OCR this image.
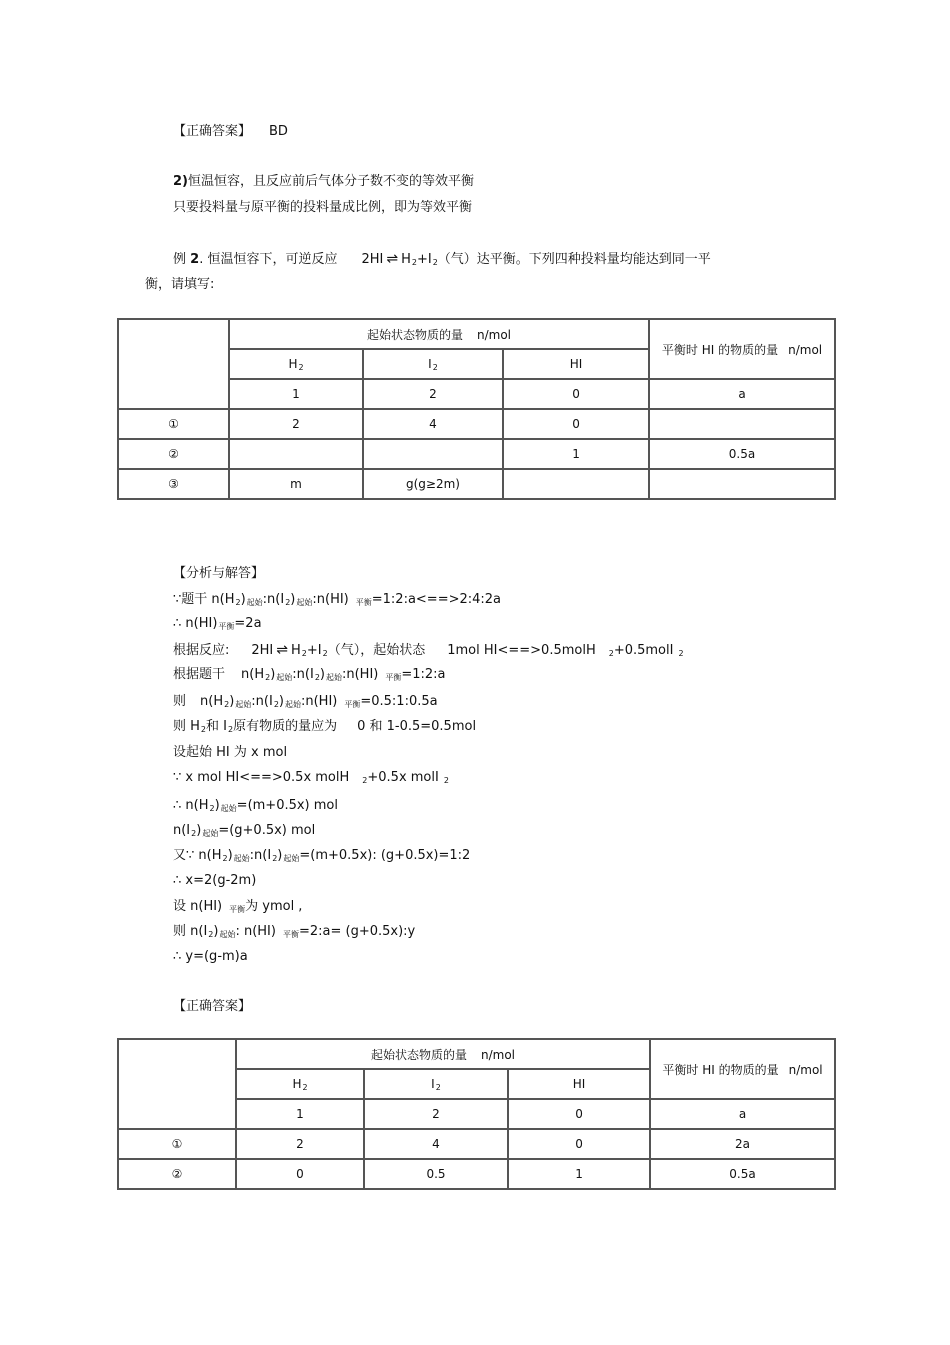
【正确答案】 BD
2)恒温恒容，且反应前后气体分子数不变的等效平衡
只要投料量与原平衡的投料量成比例，即为等效平衡
例 2. 恒温恒容下，可逆反应 2HI ⇌ $H_2+I_2$（气）达平衡。下列四种投料量均能达到同一平
衡，请填写:
	起始状态物质的量 n/mol			平衡时 HI 的物质的量 n/mol
	$H_2$	$I_2$	HI	
	1	2	0	a
①	2	4	0	
②			1	0.5a
③	m	g(g≥2m)		
【分析与解答】
∵题干 $n(H_2)_{起始}:n(I_2)_{起始}:n(HI)$ $_{平衡}$=1:2:a<==>2:4:2a
∴ $n(HI)_{平衡}=2a$
根据反应: 2HI ⇌ $H_2+I_2$（气），起始状态 1mol HI<==>0.5molH $_2$+0.5molI $_2$
根据题干 $n(H_2)_{起始}:n(I_2)_{起始}:n(HI)$ $_{平衡}$=1:2:a
则 $n(H_2)_{起始}:n(I_2)_{起始}:n(HI)$ $_{平衡}$=0.5:1:0.5a
则 $H_2$和 $I_2$原有物质的量应为 0 和 1-0.5=0.5mol
设起始 HI 为 x mol
∵ x mol HI<==>0.5x molH $_2$+0.5x molI $_2$
∴ $n(H_2)_{起始}=(m+0.5x)$ mol
$n(I_2)_{起始}=(g+0.5x)$ mol
又∵ $n(H_2)_{起始}:n(I_2)_{起始}=(m+0.5x)$: (g+0.5x)=1:2
∴ x=2(g-2m)
设 n(HI) $_{平衡}$为 ymol ,
则 $n(I_2)_{起始}$: n(HI) $_{平衡}$=2:a= (g+0.5x):y
∴ y=(g-m)a
【正确答案】
	起始状态物质的量 n/mol			平衡时 HI 的物质的量 n/mol
	$H_2$	$I_2$	HI	
	1	2	0	a
①	2	4	0	2a
②	0	0.5	1	0.5a
